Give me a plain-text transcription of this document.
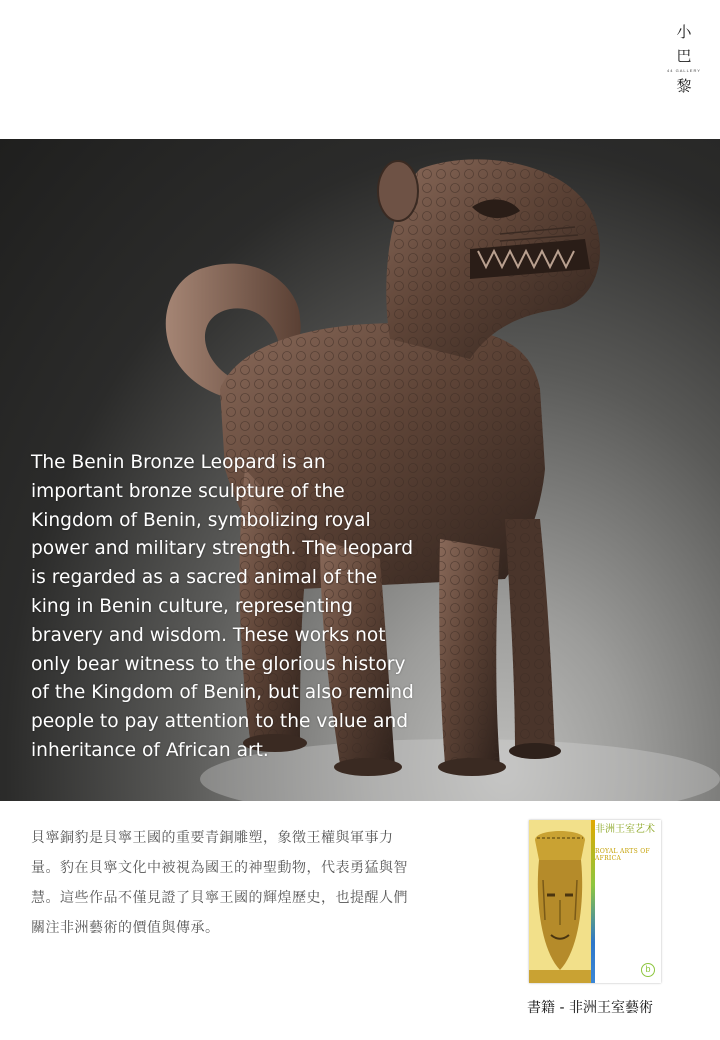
小
巴
44 GALLERY
黎

The Benin Bronze Leopard is an important bronze sculpture of the Kingdom of Benin, symbolizing royal power and military strength. The leopard is regarded as a sacred animal of the king in Benin culture, representing bravery and wisdom. These works not only bear witness to the glorious history of the Kingdom of Benin, but also remind people to pay attention to the value and inheritance of African art.

貝寧銅豹是貝寧王國的重要青銅雕塑，象徵王權與軍事力量。豹在貝寧文化中被視為國王的神聖動物，代表勇猛與智慧。這些作品不僅見證了貝寧王國的輝煌歷史，也提醒人們關注非洲藝術的價值與傳承。

非洲王室艺术
ROYAL ARTS OF AFRICA
b
書籍 - 非洲王室藝術
